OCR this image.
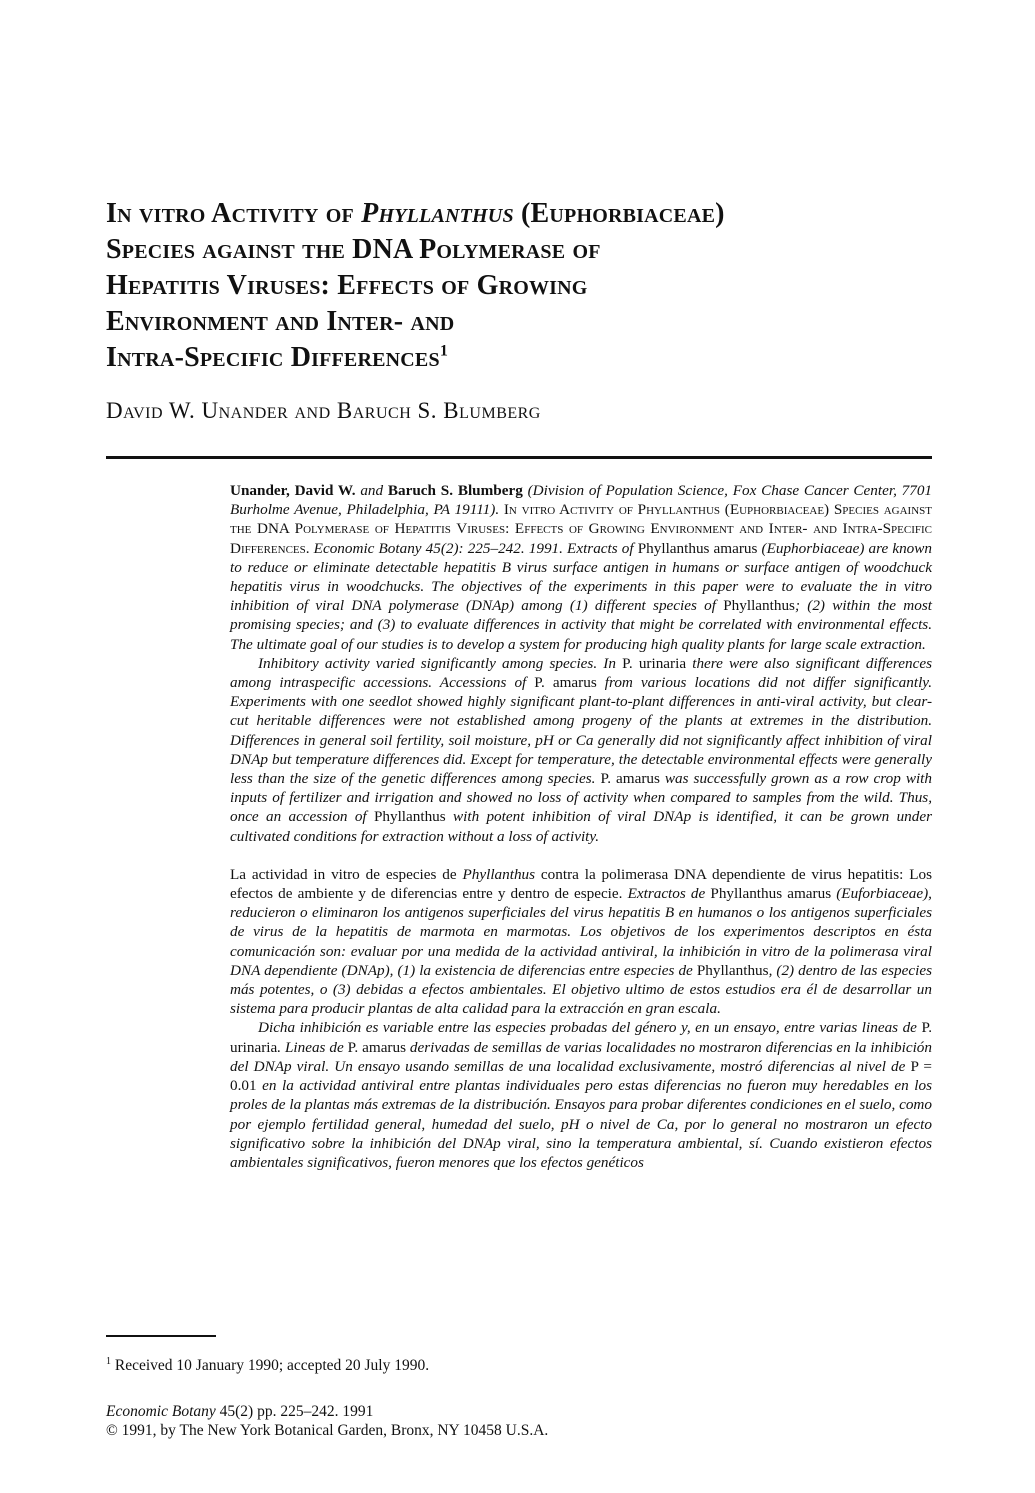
In vitro Activity of Phyllanthus (Euphorbiaceae)
Species against the DNA Polymerase of
Hepatitis Viruses: Effects of Growing
Environment and Inter- and
Intra-Specific Differences$^1$
David W. Unander and Baruch S. Blumberg

Unander, David W. and Baruch S. Blumberg (Division of Population Science, Fox Chase Cancer Center, 7701 Burholme Avenue, Philadelphia, PA 19111). In vitro Activity of Phyllanthus (Euphorbiaceae) Species against the DNA Polymerase of Hepatitis Viruses: Effects of Growing Environment and Inter- and Intra-Specific Differences. Economic Botany 45(2): 225–242. 1991. Extracts of Phyllanthus amarus (Euphorbiaceae) are known to reduce or eliminate detectable hepatitis B virus surface antigen in humans or surface antigen of woodchuck hepatitis virus in woodchucks. The objectives of the experiments in this paper were to evaluate the in vitro inhibition of viral DNA polymerase (DNAp) among (1) different species of Phyllanthus; (2) within the most promising species; and (3) to evaluate differences in activity that might be correlated with environmental effects. The ultimate goal of our studies is to develop a system for producing high quality plants for large scale extraction.

Inhibitory activity varied significantly among species. In P. urinaria there were also significant differences among intraspecific accessions. Accessions of P. amarus from various locations did not differ significantly. Experiments with one seedlot showed highly significant plant-to-plant differences in anti-viral activity, but clear-cut heritable differences were not established among progeny of the plants at extremes in the distribution. Differences in general soil fertility, soil moisture, pH or Ca generally did not significantly affect inhibition of viral DNAp but temperature differences did. Except for temperature, the detectable environmental effects were generally less than the size of the genetic differences among species. P. amarus was successfully grown as a row crop with inputs of fertilizer and irrigation and showed no loss of activity when compared to samples from the wild. Thus, once an accession of Phyllanthus with potent inhibition of viral DNAp is identified, it can be grown under cultivated conditions for extraction without a loss of activity.

La actividad in vitro de especies de Phyllanthus contra la polimerasa DNA dependiente de virus hepatitis: Los efectos de ambiente y de diferencias entre y dentro de especie. Extractos de Phyllanthus amarus (Euforbiaceae), reducieron o eliminaron los antigenos superficiales del virus hepatitis B en humanos o los antigenos superficiales de virus de la hepatitis de marmota en marmotas. Los objetivos de los experimentos descriptos en ésta comunicación son: evaluar por una medida de la actividad antiviral, la inhibición in vitro de la polimerasa viral DNA dependiente (DNAp), (1) la existencia de diferencias entre especies de Phyllanthus, (2) dentro de las especies más potentes, o (3) debidas a efectos ambientales. El objetivo ultimo de estos estudios era él de desarrollar un sistema para producir plantas de alta calidad para la extracción en gran escala.

Dicha inhibición es variable entre las especies probadas del género y, en un ensayo, entre varias lineas de P. urinaria. Lineas de P. amarus derivadas de semillas de varias localidades no mostraron diferencias en la inhibición del DNAp viral. Un ensayo usando semillas de una localidad exclusivamente, mostró diferencias al nivel de P = 0.01 en la actividad antiviral entre plantas individuales pero estas diferencias no fueron muy heredables en los proles de la plantas más extremas de la distribución. Ensayos para probar diferentes condiciones en el suelo, como por ejemplo fertilidad general, humedad del suelo, pH o nivel de Ca, por lo general no mostraron un efecto significativo sobre la inhibición del DNAp viral, sino la temperatura ambiental, sí. Cuando existieron efectos ambientales significativos, fueron menores que los efectos genéticos

$^1$ Received 10 January 1990; accepted 20 July 1990.
Economic Botany 45(2) pp. 225–242. 1991
© 1991, by The New York Botanical Garden, Bronx, NY 10458 U.S.A.
